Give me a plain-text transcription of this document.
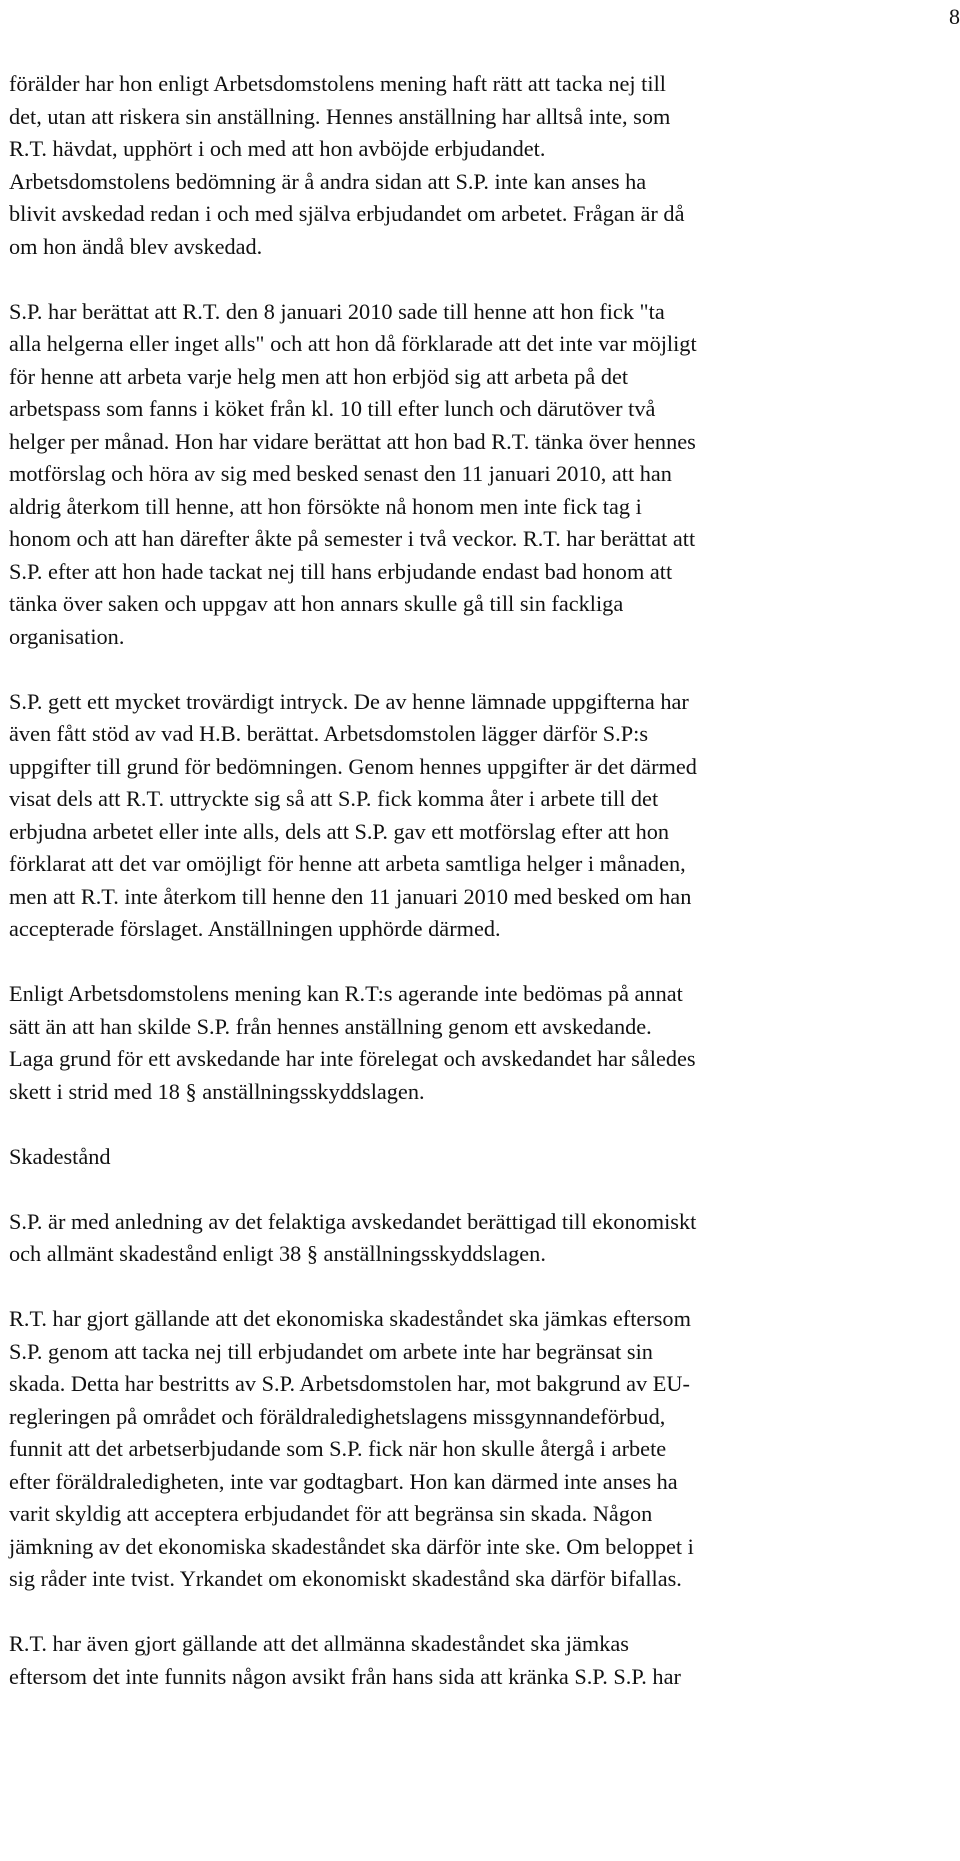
8

förälder har hon enligt Arbetsdomstolens mening haft rätt att tacka nej till
det, utan att riskera sin anställning. Hennes anställning har alltså inte, som
R.T. hävdat, upphört i och med att hon avböjde erbjudandet.
Arbetsdomstolens bedömning är å andra sidan att S.P. inte kan anses ha
blivit avskedad redan i och med själva erbjudandet om arbetet. Frågan är då
om hon ändå blev avskedad.

S.P. har berättat att R.T. den 8 januari 2010 sade till henne att hon fick "ta
alla helgerna eller inget alls" och att hon då förklarade att det inte var möjligt
för henne att arbeta varje helg men att hon erbjöd sig att arbeta på det
arbetspass som fanns i köket från kl. 10 till efter lunch och därutöver två
helger per månad. Hon har vidare berättat att hon bad R.T. tänka över hennes
motförslag och höra av sig med besked senast den 11 januari 2010, att han
aldrig återkom till henne, att hon försökte nå honom men inte fick tag i
honom och att han därefter åkte på semester i två veckor. R.T. har berättat att
S.P. efter att hon hade tackat nej till hans erbjudande endast bad honom att
tänka över saken och uppgav att hon annars skulle gå till sin fackliga
organisation.

S.P. gett ett mycket trovärdigt intryck. De av henne lämnade uppgifterna har
även fått stöd av vad H.B. berättat. Arbetsdomstolen lägger därför S.P:s
uppgifter till grund för bedömningen. Genom hennes uppgifter är det därmed
visat dels att R.T. uttryckte sig så att S.P. fick komma åter i arbete till det
erbjudna arbetet eller inte alls, dels att S.P. gav ett motförslag efter att hon
förklarat att det var omöjligt för henne att arbeta samtliga helger i månaden,
men att R.T. inte återkom till henne den 11 januari 2010 med besked om han
accepterade förslaget. Anställningen upphörde därmed.

Enligt Arbetsdomstolens mening kan R.T:s agerande inte bedömas på annat
sätt än att han skilde S.P. från hennes anställning genom ett avskedande.
Laga grund för ett avskedande har inte förelegat och avskedandet har således
skett i strid med 18 § anställningsskyddslagen.

Skadestånd

S.P. är med anledning av det felaktiga avskedandet berättigad till ekonomiskt
och allmänt skadestånd enligt 38 § anställningsskyddslagen.

R.T. har gjort gällande att det ekonomiska skadeståndet ska jämkas eftersom
S.P. genom att tacka nej till erbjudandet om arbete inte har begränsat sin
skada. Detta har bestritts av S.P. Arbetsdomstolen har, mot bakgrund av EU-
regleringen på området och föräldraledighetslagens missgynnandeförbud,
funnit att det arbetserbjudande som S.P. fick när hon skulle återgå i arbete
efter föräldraledigheten, inte var godtagbart. Hon kan därmed inte anses ha
varit skyldig att acceptera erbjudandet för att begränsa sin skada. Någon
jämkning av det ekonomiska skadeståndet ska därför inte ske. Om beloppet i
sig råder inte tvist. Yrkandet om ekonomiskt skadestånd ska därför bifallas.

R.T. har även gjort gällande att det allmänna skadeståndet ska jämkas
eftersom det inte funnits någon avsikt från hans sida att kränka S.P. S.P. har
